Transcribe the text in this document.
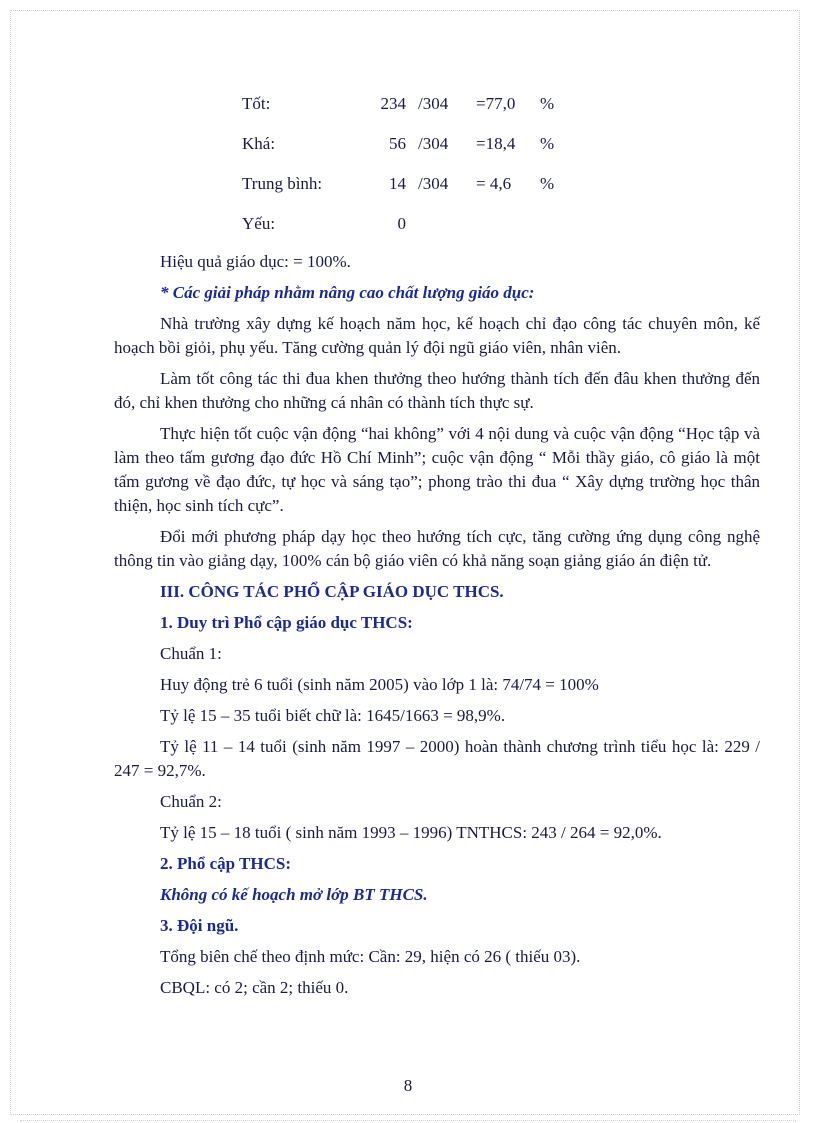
Tốt:	234 /304	=77,0	%
Khá:	56 /304	=18,4	%
Trung bình:	14 /304	= 4,6	%
Yếu:	0

Hiệu quả giáo dục: = 100%.

* Các giải pháp nhằm nâng cao chất lượng giáo dục:

Nhà trường xây dựng kế hoạch năm học, kế hoạch chỉ đạo công tác chuyên môn, kế hoạch bồi giỏi, phụ yếu. Tăng cường quản lý đội ngũ giáo viên, nhân viên.

Làm tốt công tác thi đua khen thưởng theo hướng thành tích đến đâu khen thưởng đến đó, chỉ khen thưởng cho những cá nhân có thành tích thực sự.

Thực hiện tốt cuộc vận động “hai không” với 4 nội dung và cuộc vận động “Học tập và làm theo tấm gương đạo đức Hồ Chí Minh”; cuộc vận động “ Mỗi thầy giáo, cô giáo là một tấm gương về đạo đức, tự học và sáng tạo”; phong trào thi đua “ Xây dựng trường học thân thiện, học sinh tích cực”.

Đổi mới phương pháp dạy học theo hướng tích cực, tăng cường ứng dụng công nghệ thông tin vào giảng dạy, 100% cán bộ giáo viên có khả năng soạn giảng giáo án điện tử.

III. CÔNG TÁC PHỔ CẬP GIÁO DỤC THCS.

1. Duy trì Phổ cập giáo dục THCS:

Chuẩn 1:

Huy động trẻ 6 tuổi (sinh năm 2005) vào lớp 1 là: 74/74 = 100%

Tỷ lệ 15 – 35 tuổi biết chữ là: 1645/1663 = 98,9%.

Tỷ lệ 11 – 14 tuổi (sinh năm 1997 – 2000) hoàn thành chương trình tiểu học là: 229 / 247 = 92,7%.

Chuẩn 2:

Tỷ lệ 15 – 18 tuổi ( sinh năm 1993 – 1996) TNTHCS: 243 / 264 = 92,0%.

2. Phổ cập THCS:

Không có kế hoạch mở lớp BT THCS.

3. Đội ngũ.

Tổng biên chế theo định mức: Cần: 29, hiện có 26 ( thiếu 03).

CBQL: có 2; cần 2; thiếu 0.

8
